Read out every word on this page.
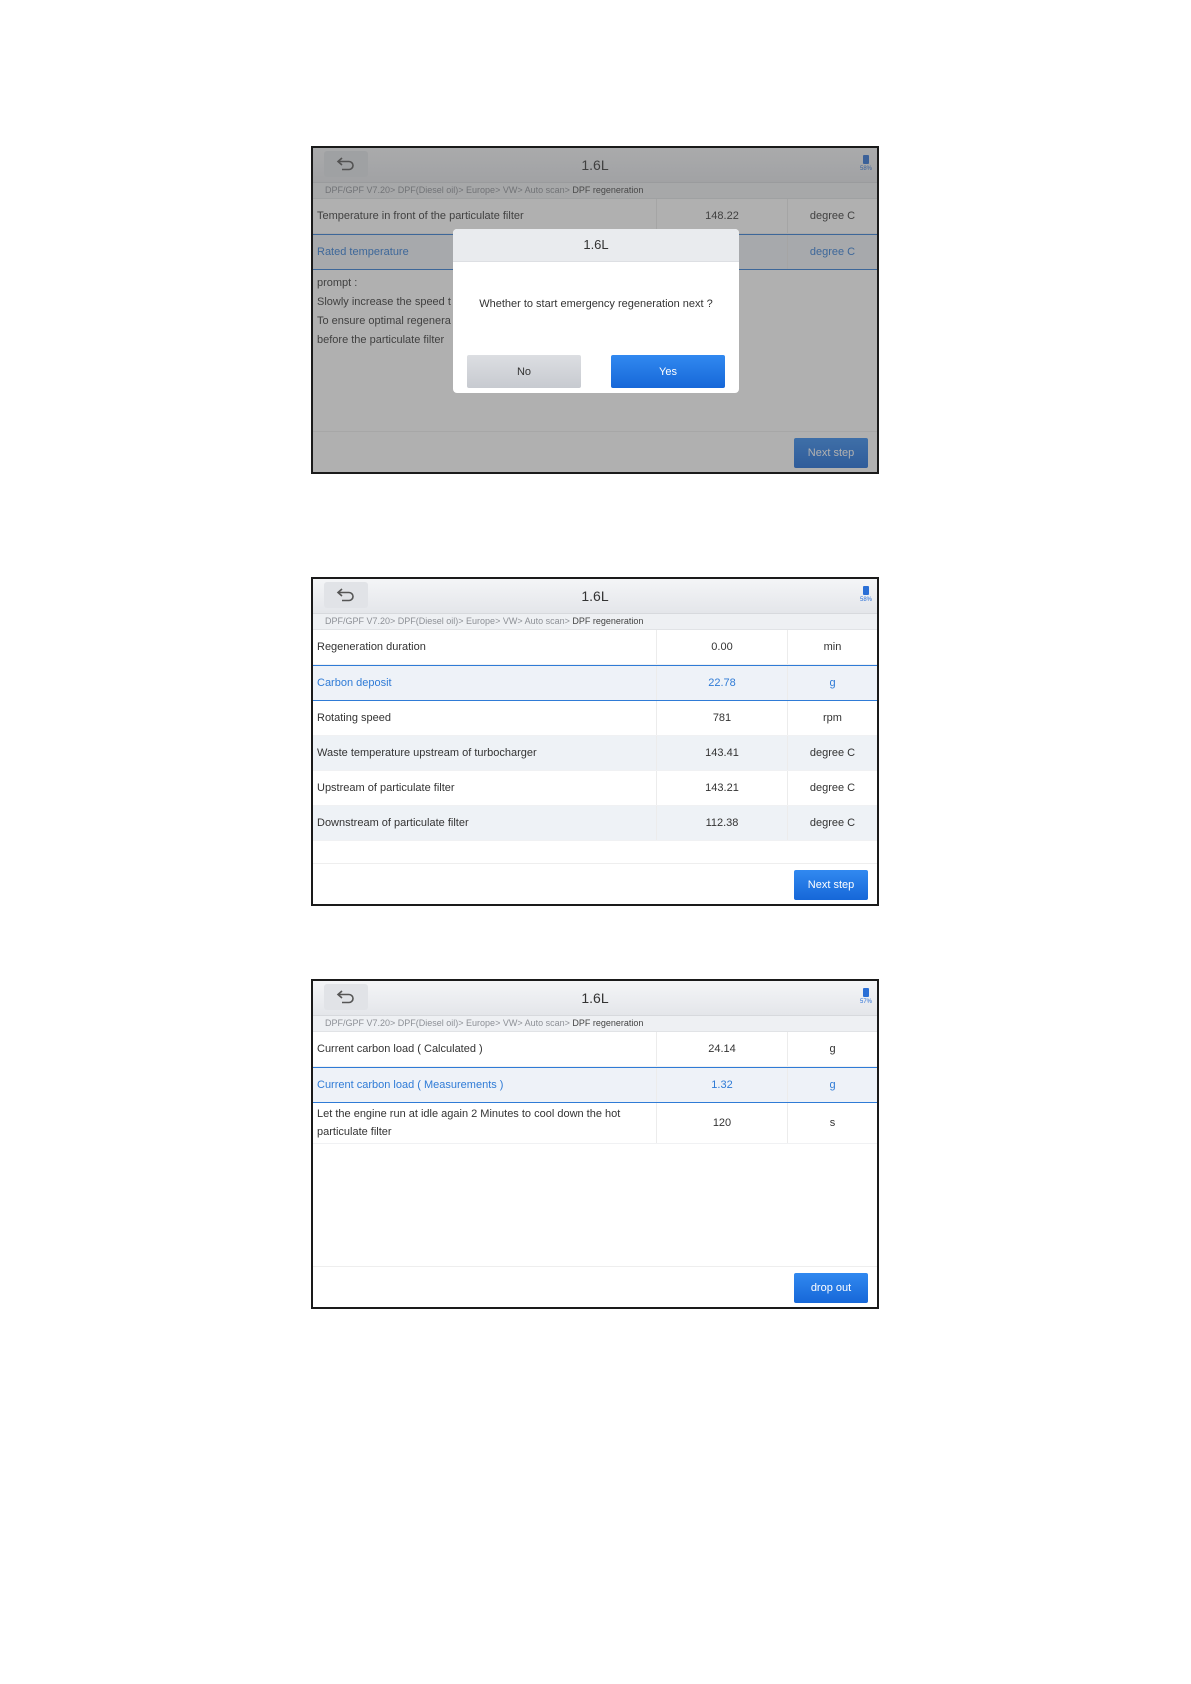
1.6L	58%
DPF/GPF V7.20> DPF(Diesel oil)> Europe> VW> Auto scan> DPF regeneration
Temperature in front of the particulate filter	148.22	degree C
Rated temperature	degree C
prompt :
Slowly increase the speed t
To ensure optimal regenera
before the particulate filter
Next step
1.6L
Whether to start emergency regeneration next ?
No	Yes
1.6L	58%
DPF/GPF V7.20> DPF(Diesel oil)> Europe> VW> Auto scan> DPF regeneration
Regeneration duration	0.00	min
Carbon deposit	22.78	g
Rotating speed	781	rpm
Waste temperature upstream of turbocharger	143.41	degree C
Upstream of particulate filter	143.21	degree C
Downstream of particulate filter	112.38	degree C
Next step
1.6L	57%
DPF/GPF V7.20> DPF(Diesel oil)> Europe> VW> Auto scan> DPF regeneration
Current carbon load ( Calculated )	24.14	g
Current carbon load ( Measurements )	1.32	g
Let the engine run at idle again 2 Minutes to cool down the hot particulate filter
120	s
drop out
